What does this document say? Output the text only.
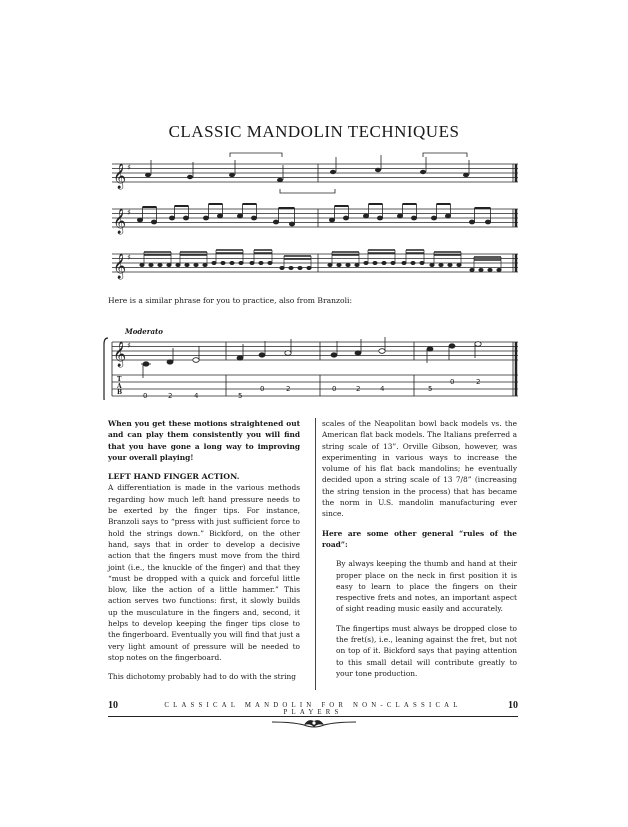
CLASSIC MANDOLIN TECHNIQUES
𝄞 ♯
𝄞 ♯
𝄞 ♯
𝄞 ♯
Moderato
TAB	0	2	4	5
0	2	0	2	4	5
0	2
Here is a similar phrase for you to practice, also from Branzoli:

When you get these motions straightened out and can play them consistently you will find that you have gone a long way to improving your overall playing!

LEFT HAND FINGER ACTION.

A differentiation is made in the various methods regarding how much left hand pressure needs to be exerted by the finger tips. For instance, Branzoli says to “press with just sufficient force to hold the strings down.” Bickford, on the other hand, says that in order to develop a decisive action that the fingers must move from the third joint (i.e., the knuckle of the finger) and that they “must be dropped with a quick and forceful little blow, like the action of a little hammer.” This action serves two functions: first, it slowly builds up the musculature in the fingers and, second, it helps to develop keeping the finger tips close to the fingerboard. Eventually you will find that just a very light amount of pressure will be needed to stop notes on the fingerboard.

This dichotomy probably had to do with the string

scales of the Neapolitan bowl back models vs. the American flat back models. The Italians preferred a string scale of 13”. Orville Gibson, however, was experimenting in various ways to increase the volume of his flat back mandolins; he eventually decided upon a string scale of 13 7/8” (increasing the string tension in the process) that has became the norm in U.S. mandolin manufacturing ever since.

Here are some other general “rules of the road”:

By always keeping the thumb and hand at their proper place on the neck in first position it is easy to learn to place the fingers on their respective frets and notes, an important aspect of sight reading music easily and accurately.

The fingertips must always be dropped close to the fret(s), i.e., leaning against the fret, but not on top of it. Bickford says that paying attention to this small detail will contribute greatly to your tone production.

10	CLASSICAL MANDOLIN FOR NON-CLASSICAL PLAYERS
10
